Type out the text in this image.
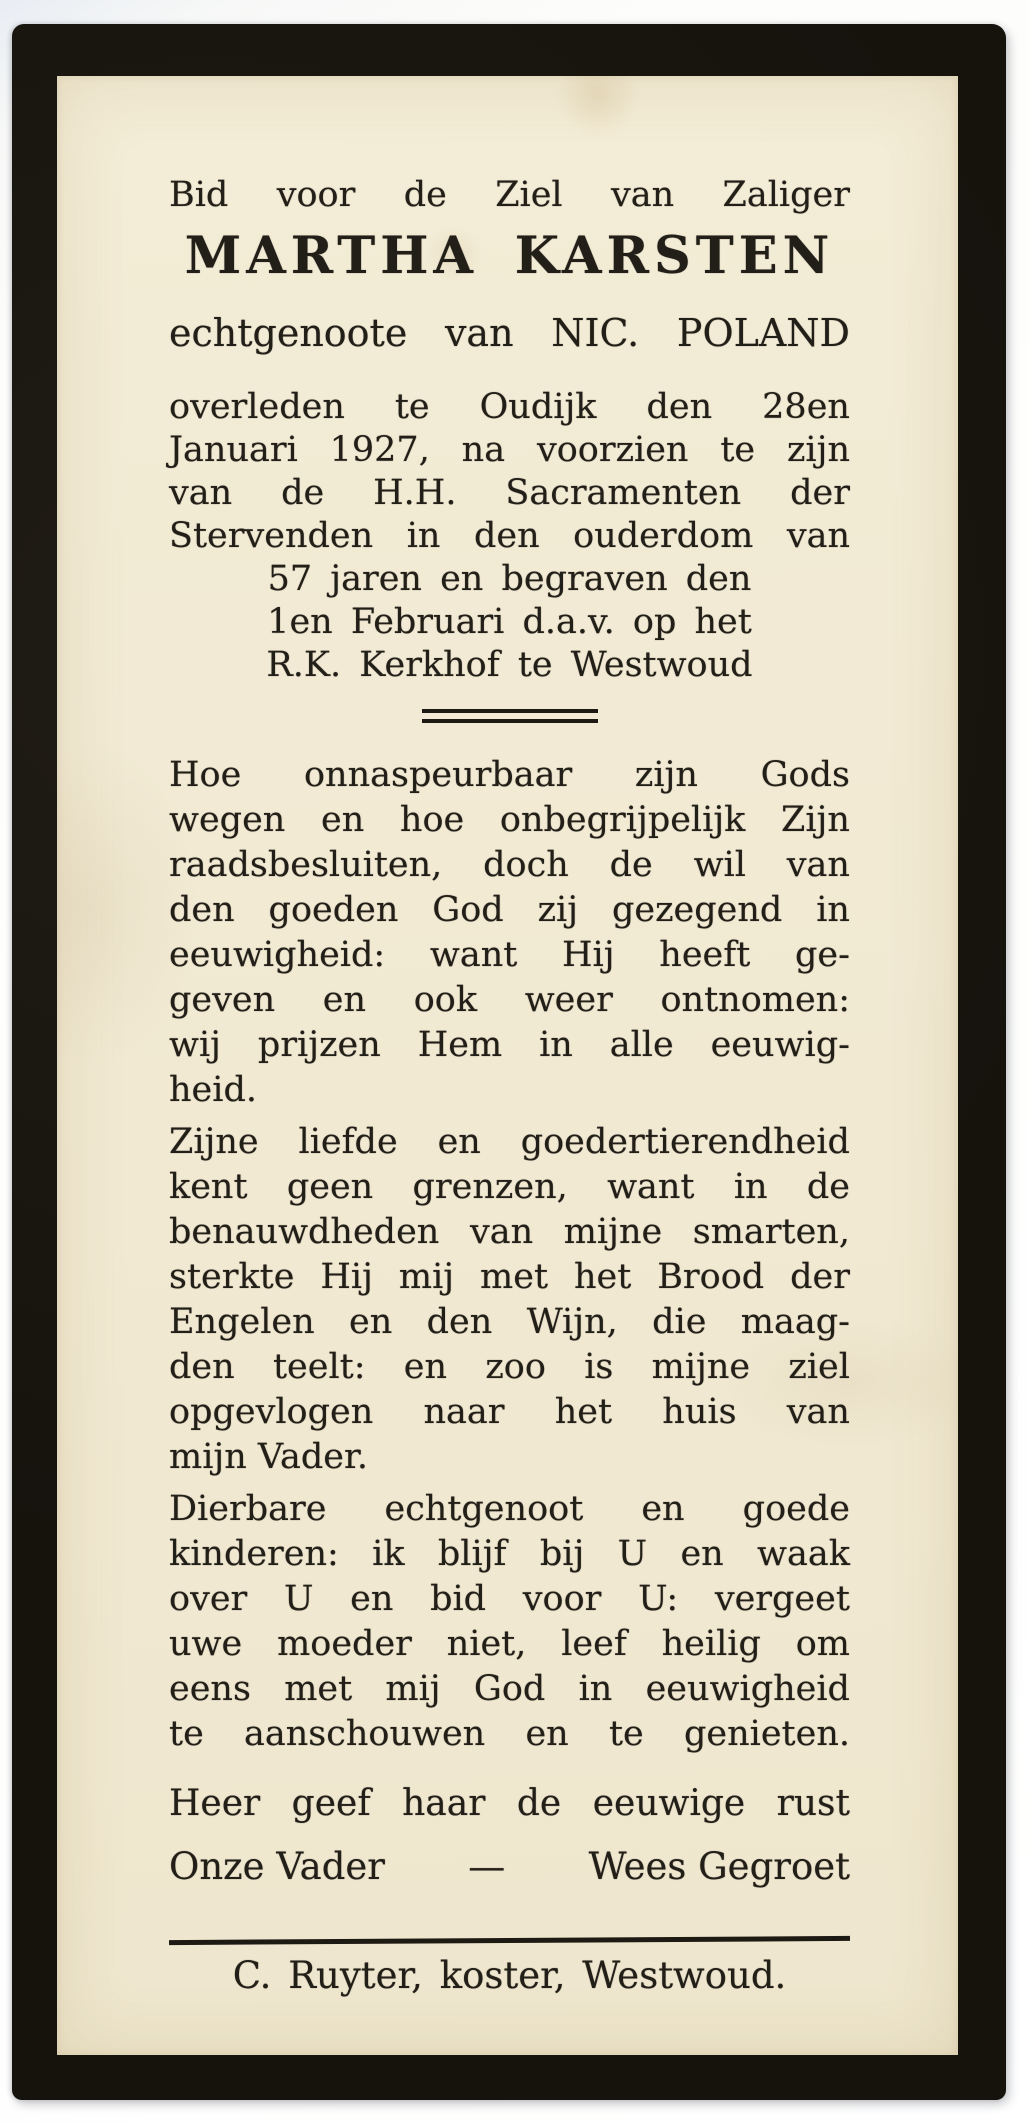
Bid voor de Ziel van Zaliger
MARTHA KARSTEN
echtgenoote van NIC. POLAND
overleden te Oudijk den 28en
Januari 1927, na voorzien te zijn
van de H.H. Sacramenten der
Stervenden in den ouderdom van
57 jaren en begraven den
1en Februari d.a.v. op het
R.K. Kerkhof te Westwoud
Hoe onnaspeurbaar zijn Gods
wegen en hoe onbegrijpelijk Zijn
raadsbesluiten, doch de wil van
den goeden God zij gezegend in
eeuwigheid: want Hij heeft ge-
geven en ook weer ontnomen:
wij prijzen Hem in alle eeuwig-
heid.
Zijne liefde en goedertierendheid
kent geen grenzen, want in de
benauwdheden van mijne smarten,
sterkte Hij mij met het Brood der
Engelen en den Wijn, die maag-
den teelt: en zoo is mijne ziel
opgevlogen naar het huis van
mijn Vader.
Dierbare echtgenoot en goede
kinderen: ik blijf bij U en waak
over U en bid voor U: vergeet
uwe moeder niet, leef heilig om
eens met mij God in eeuwigheid
te aanschouwen en te genieten.
Heer geef haar de eeuwige rust
Onze Vader — Wees Gegroet
C. Ruyter, koster, Westwoud.
